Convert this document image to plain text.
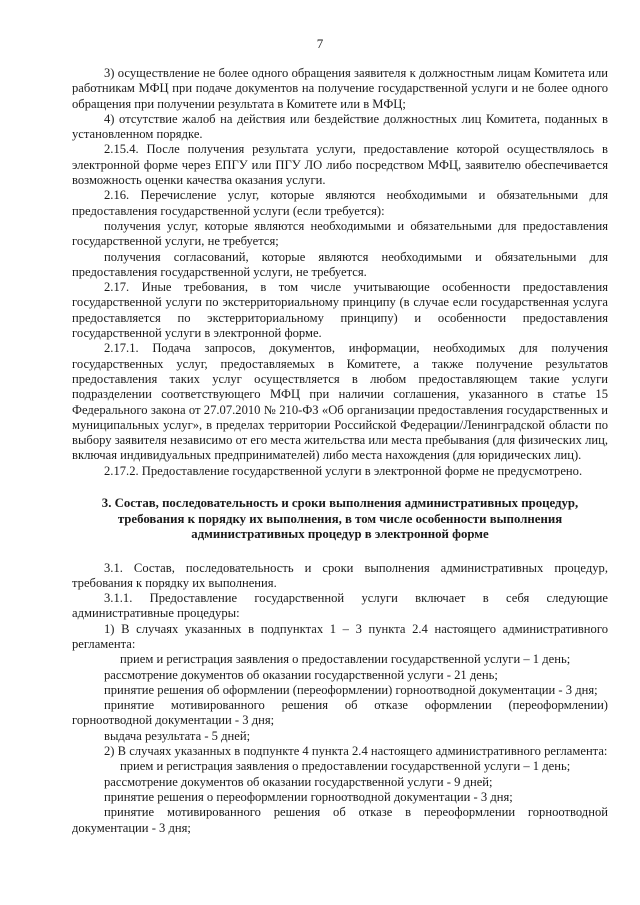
7

3) осуществление не более одного обращения заявителя к должностным лицам Комитета или работникам МФЦ при подаче документов на получение государственной услуги и не более одного обращения при получении результата в Комитете или в МФЦ;

4) отсутствие жалоб на действия или бездействие должностных лиц Комитета, поданных в установленном порядке.

2.15.4. После получения результата услуги, предоставление которой осуществлялось в электронной форме через ЕПГУ или ПГУ ЛО либо посредством МФЦ, заявителю обеспечивается возможность оценки качества оказания услуги.

2.16. Перечисление услуг, которые являются необходимыми и обязательными для предоставления государственной услуги (если требуется):

получения услуг, которые являются необходимыми и обязательными для предоставления государственной услуги, не требуется;

получения согласований, которые являются необходимыми и обязательными для предоставления государственной услуги, не требуется.

2.17. Иные требования, в том числе учитывающие особенности предоставления государственной услуги по экстерриториальному принципу (в случае если государственная услуга предоставляется по экстерриториальному принципу) и особенности предоставления государственной услуги в электронной форме.

2.17.1. Подача запросов, документов, информации, необходимых для получения государственных услуг, предоставляемых в Комитете, а также получение результатов предоставления таких услуг осуществляется в любом предоставляющем такие услуги подразделении соответствующего МФЦ при наличии соглашения, указанного в статье 15 Федерального закона от 27.07.2010 № 210-ФЗ «Об организации предоставления государственных и муниципальных услуг», в пределах территории Российской Федерации/Ленинградской области по выбору заявителя независимо от его места жительства или места пребывания (для физических лиц, включая индивидуальных предпринимателей) либо места нахождения (для юридических лиц).

2.17.2. Предоставление государственной услуги в электронной форме не предусмотрено.

3. Состав, последовательность и сроки выполнения административных процедур, требования к порядку их выполнения, в том числе особенности выполнения административных процедур в электронной форме

3.1. Состав, последовательность и сроки выполнения административных процедур, требования к порядку их выполнения.

3.1.1. Предоставление государственной услуги включает в себя следующие административные процедуры:

1) В случаях указанных в подпунктах 1 – 3 пункта 2.4 настоящего административного регламента:

прием и регистрация заявления о предоставлении государственной услуги – 1 день;

рассмотрение документов об оказании государственной услуги - 21 день;

принятие решения об оформлении (переоформлении) горноотводной документации - 3 дня;

принятие мотивированного решения об отказе оформлении (переоформлении) горноотводной документации - 3 дня;

выдача результата - 5 дней;

2) В случаях указанных в подпункте 4 пункта 2.4 настоящего административного регламента:

прием и регистрация заявления о предоставлении государственной услуги – 1 день;

рассмотрение документов об оказании государственной услуги - 9 дней;

принятие решения о переоформлении горноотводной документации - 3 дня;

принятие мотивированного решения об отказе в переоформлении горноотводной документации - 3 дня;
